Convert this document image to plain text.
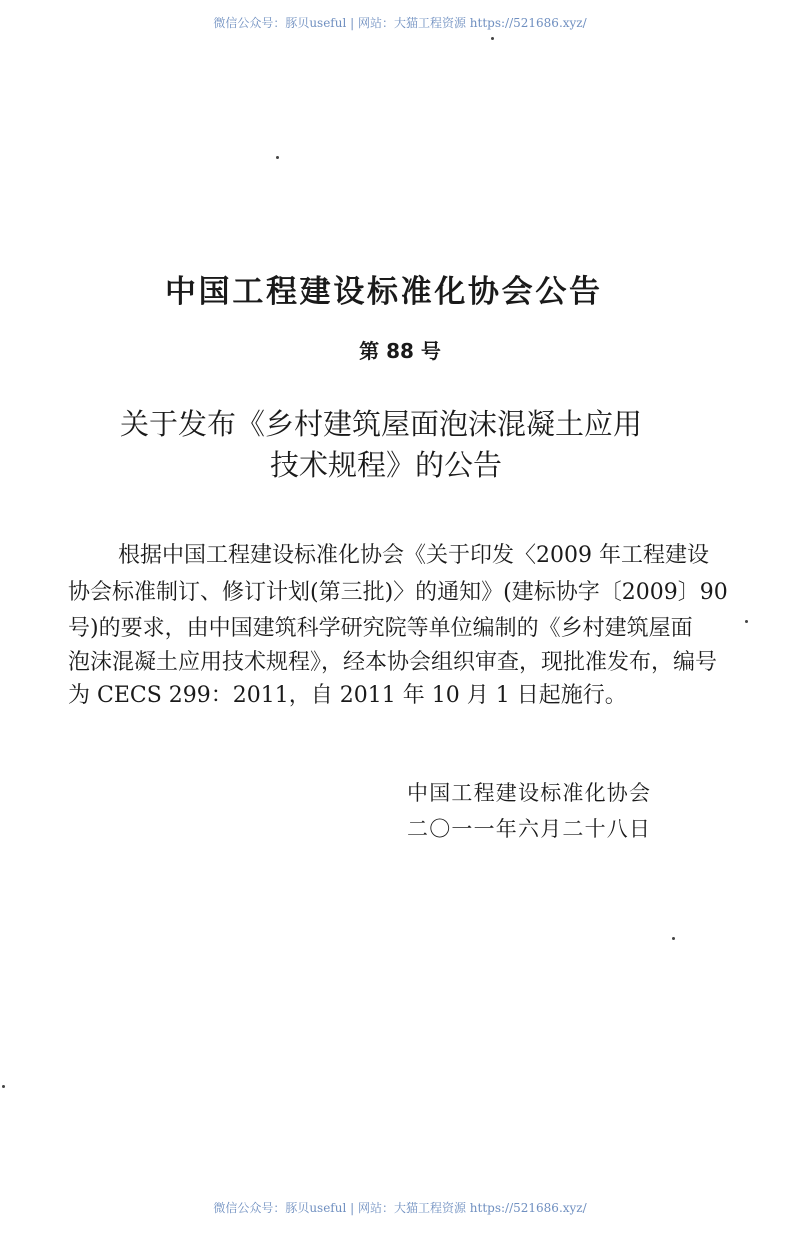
微信公众号：豚贝useful | 网站：大猫工程资源 https://521686.xyz/
中国工程建设标准化协会公告
第 88 号
关于发布《乡村建筑屋面泡沫混凝土应用
技术规程》的公告
根据中国工程建设标准化协会《关于印发〈2009 年工程建设
协会标准制订、修订计划(第三批)〉的通知》(建标协字〔2009〕90
号)的要求，由中国建筑科学研究院等单位编制的《乡村建筑屋面
泡沫混凝土应用技术规程》，经本协会组织审查，现批准发布，编号
为 CECS 299：2011，自 2011 年 10 月 1 日起施行。
中国工程建设标准化协会
二〇一一年六月二十八日
微信公众号：豚贝useful | 网站：大猫工程资源 https://521686.xyz/
